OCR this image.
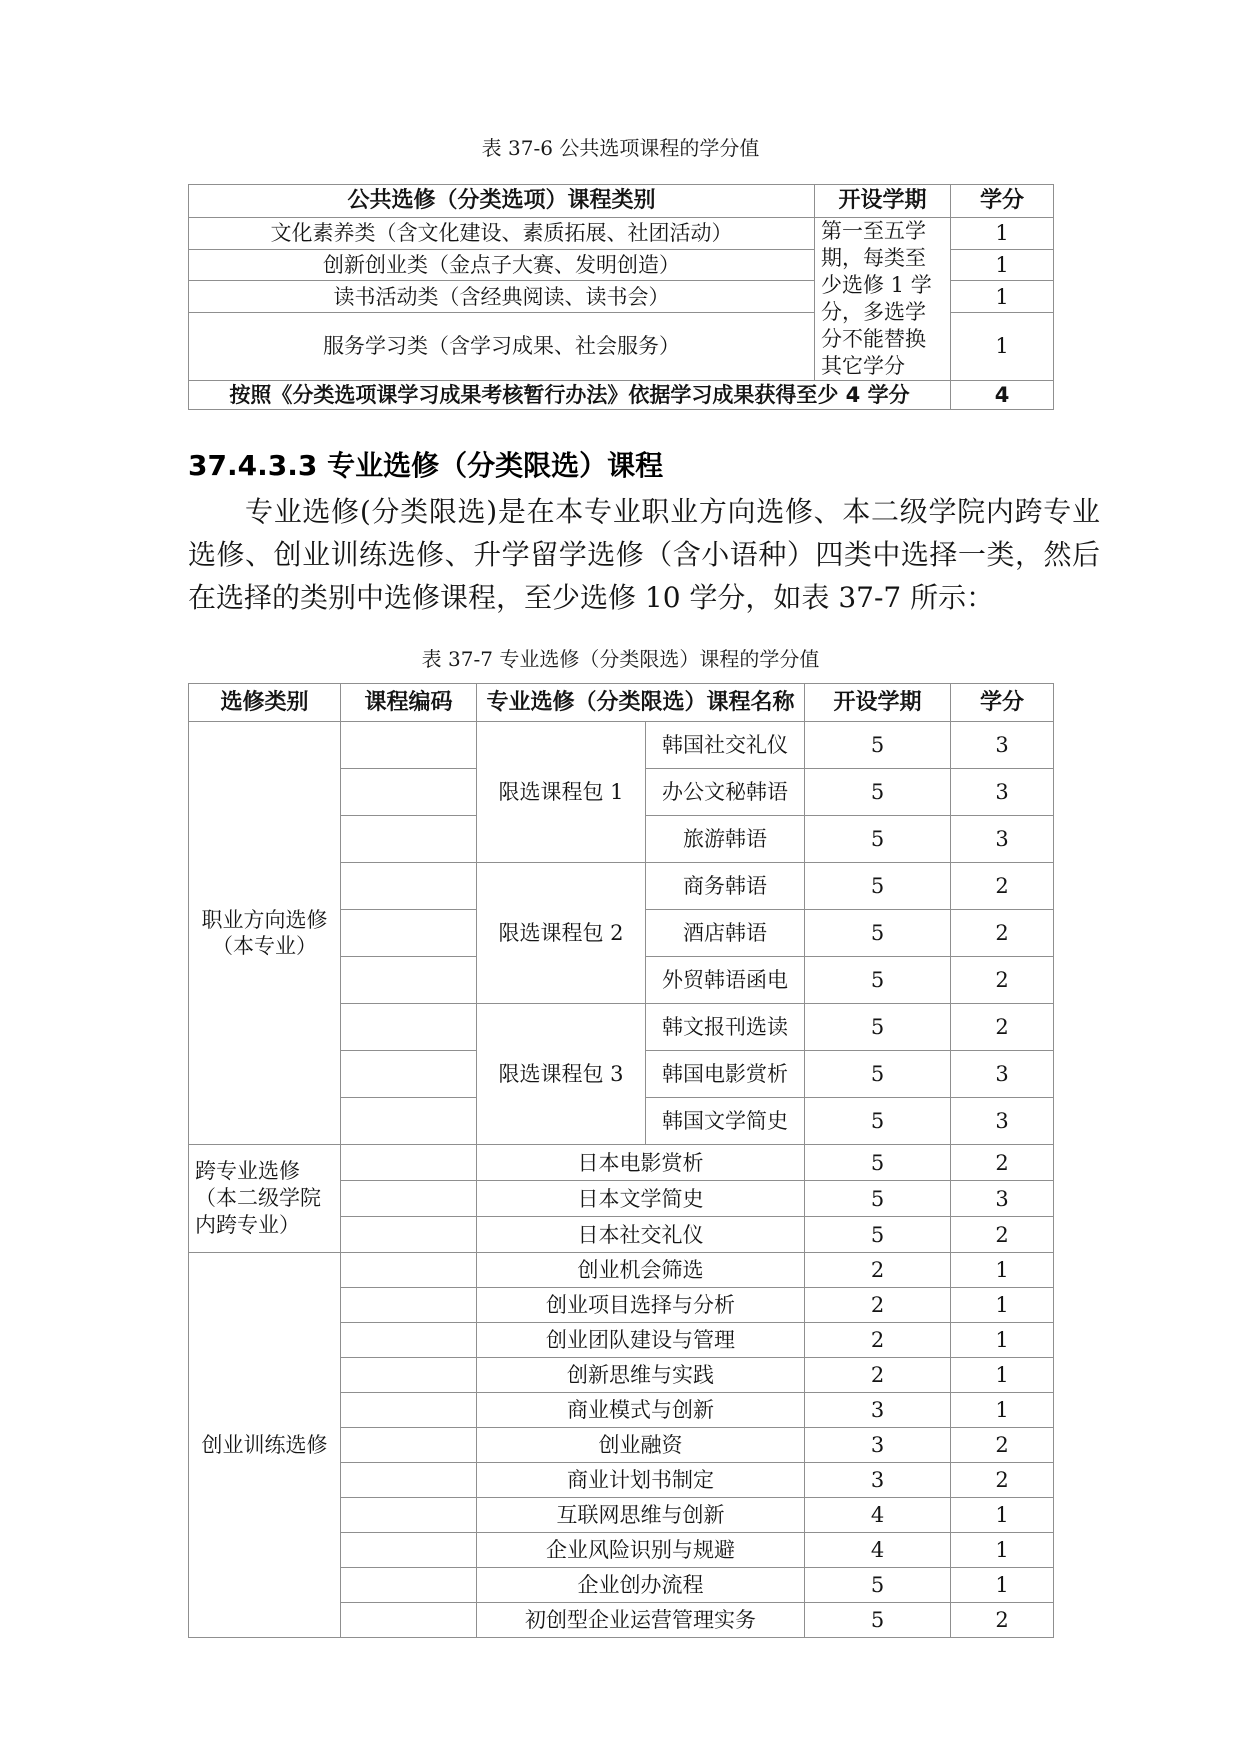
表 37-6 公共选项课程的学分值
公共选修（分类选项）课程类别	开设学期	学分
文化素养类（含文化建设、素质拓展、社团活动）	第一至五学期，每类至少选修 1 学分，多选学分不能替换其它学分	1
创新创业类（金点子大赛、发明创造）		1
读书活动类（含经典阅读、读书会）		1
服务学习类（含学习成果、社会服务）		1
按照《分类选项课学习成果考核暂行办法》依据学习成果获得至少 4 学分		4
37.4.3.3 专业选修（分类限选）课程

专业选修(分类限选)是在本专业职业方向选修、本二级学院内跨专业选修、创业训练选修、升学留学选修（含小语种）四类中选择一类，然后在选择的类别中选修课程，至少选修 10 学分，如表 37-7 所示：

表 37-7 专业选修（分类限选）课程的学分值
选修类别	课程编码	专业选修（分类限选）课程名称		开设学期	学分
职业方向选修（本专业）		限选课程包 1	韩国社交礼仪	5	3
			办公文秘韩语	5	3
			旅游韩语	5	3
		限选课程包 2	商务韩语	5	2
			酒店韩语	5	2
			外贸韩语函电	5	2
		限选课程包 3	韩文报刊选读	5	2
			韩国电影赏析	5	3
			韩国文学简史	5	3
跨专业选修（本二级学院内跨专业）		日本电影赏析		5	2
		日本文学简史		5	3
		日本社交礼仪		5	2
创业训练选修		创业机会筛选		2	1
		创业项目选择与分析		2	1
		创业团队建设与管理		2	1
		创新思维与实践		2	1
		商业模式与创新		3	1
		创业融资		3	2
		商业计划书制定		3	2
		互联网思维与创新		4	1
		企业风险识别与规避		4	1
		企业创办流程		5	1
		初创型企业运营管理实务		5	2
